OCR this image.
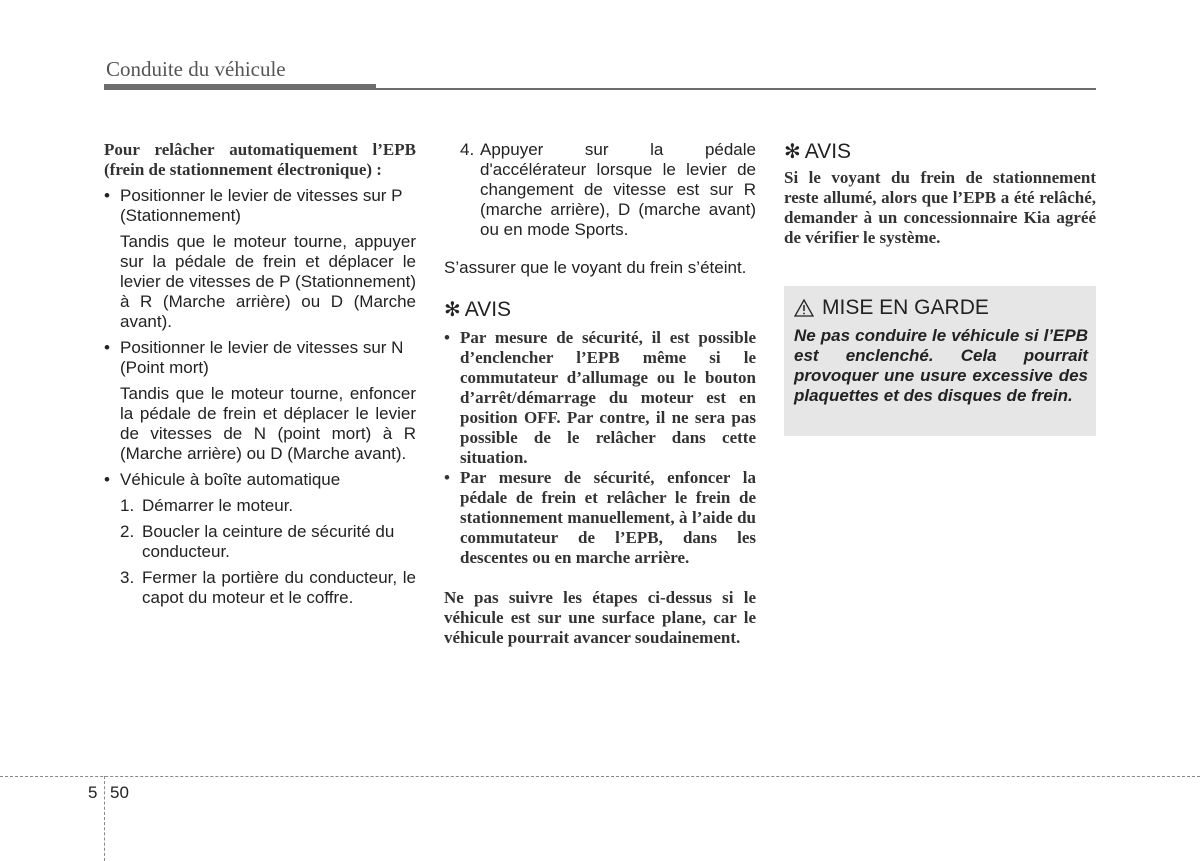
Conduite du véhicule

Pour relâcher automatiquement l’EPB (frein de stationnement électronique) :

• Positionner le levier de vitesses sur P (Stationnement)

Tandis que le moteur tourne, appuyer sur la pédale de frein et déplacer le levier de vitesses de P (Stationnement) à R (Marche arrière) ou D (Marche avant).

• Positionner le levier de vitesses sur N (Point mort)

Tandis que le moteur tourne, enfoncer la pédale de frein et déplacer le levier de vitesses de N (point mort) à R (Marche arrière) ou D (Marche avant).

• Véhicule à boîte automatique
1. Démarrer le moteur.
2. Boucler la ceinture de sécurité du conducteur.
3. Fermer la portière du conducteur, le capot du moteur et le coffre.
4. Appuyer sur la pédale d'accélérateur lorsque le levier de changement de vitesse est sur R (marche arrière), D (marche avant) ou en mode Sports.

S’assurer que le voyant du frein s’éteint.

✻ AVIS
• Par mesure de sécurité, il est possible d’enclencher l’EPB même si le commutateur d’allumage ou le bouton d’arrêt/démarrage du moteur est en position OFF. Par contre, il ne sera pas possible de le relâcher dans cette situation.
• Par mesure de sécurité, enfoncer la pédale de frein et relâcher le frein de stationnement manuellement, à l’aide du commutateur de l’EPB, dans les descentes ou en marche arrière.

Ne pas suivre les étapes ci-dessus si le véhicule est sur une surface plane, car le véhicule pourrait avancer soudainement.

✻ AVIS

Si le voyant du frein de stationnement reste allumé, alors que l’EPB a été relâché, demander à un concessionnaire Kia agréé de vérifier le système.

MISE EN GARDE

Ne pas conduire le véhicule si l’EPB est enclenché. Cela pourrait provoquer une usure excessive des plaquettes et des disques de frein.

5 50
